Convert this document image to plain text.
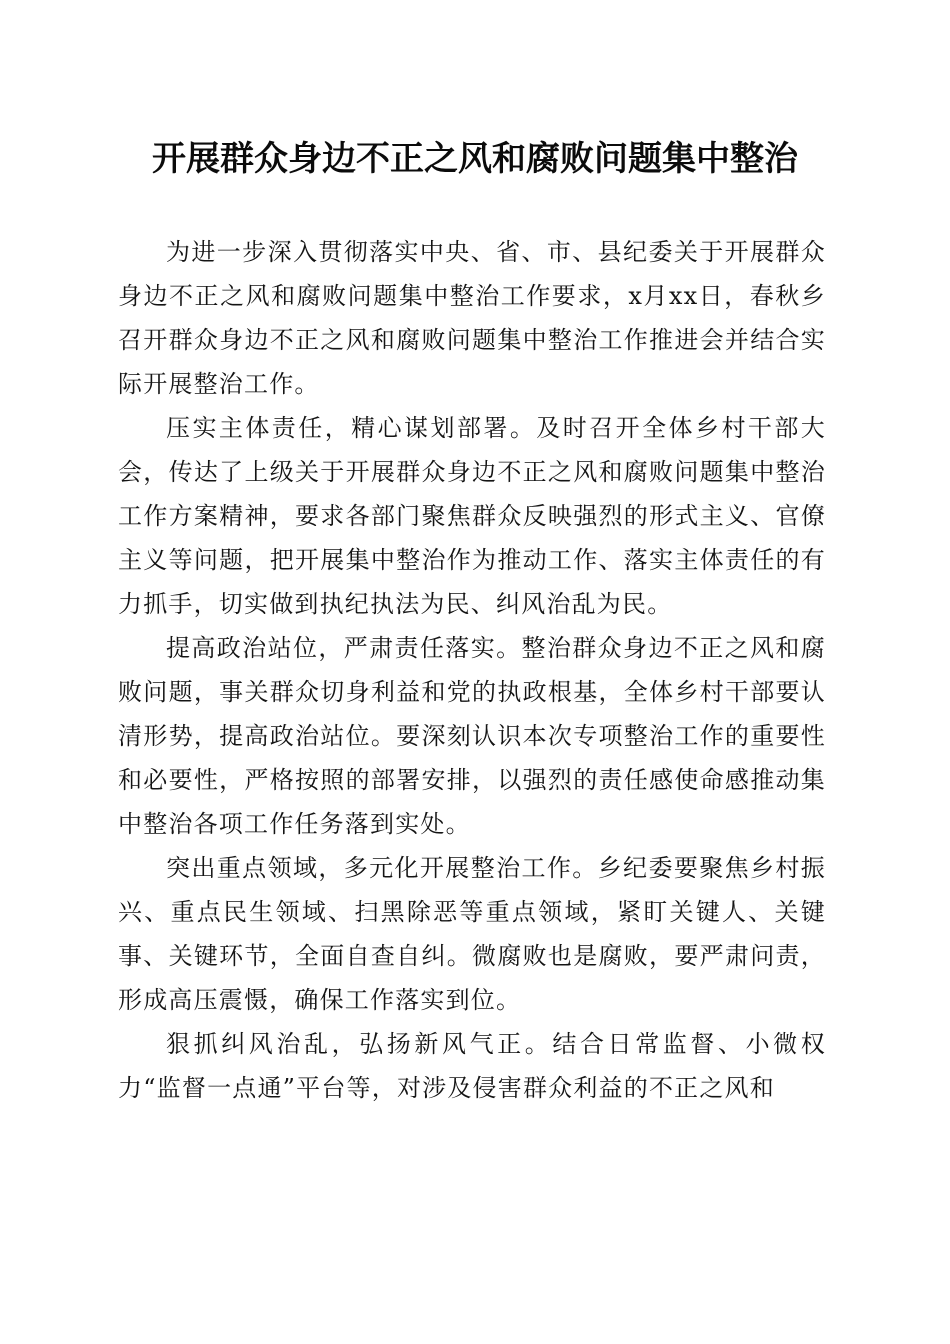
开展群众身边不正之风和腐败问题集中整治

为进一步深入贯彻落实中央、省、市、县纪委关于开展群众身边不正之风和腐败问题集中整治工作要求，x月xx日，春秋乡召开群众身边不正之风和腐败问题集中整治工作推进会并结合实际开展整治工作。

压实主体责任，精心谋划部署。及时召开全体乡村干部大会，传达了上级关于开展群众身边不正之风和腐败问题集中整治工作方案精神，要求各部门聚焦群众反映强烈的形式主义、官僚主义等问题，把开展集中整治作为推动工作、落实主体责任的有力抓手，切实做到执纪执法为民、纠风治乱为民。

提高政治站位，严肃责任落实。整治群众身边不正之风和腐败问题，事关群众切身利益和党的执政根基，全体乡村干部要认清形势，提高政治站位。要深刻认识本次专项整治工作的重要性和必要性，严格按照的部署安排，以强烈的责任感使命感推动集中整治各项工作任务落到实处。

突出重点领域，多元化开展整治工作。乡纪委要聚焦乡村振兴、重点民生领域、扫黑除恶等重点领域，紧盯关键人、关键事、关键环节，全面自查自纠。微腐败也是腐败，要严肃问责，形成高压震慑，确保工作落实到位。

狠抓纠风治乱，弘扬新风气正。结合日常监督、小微权力“监督一点通”平台等，对涉及侵害群众利益的不正之风和
